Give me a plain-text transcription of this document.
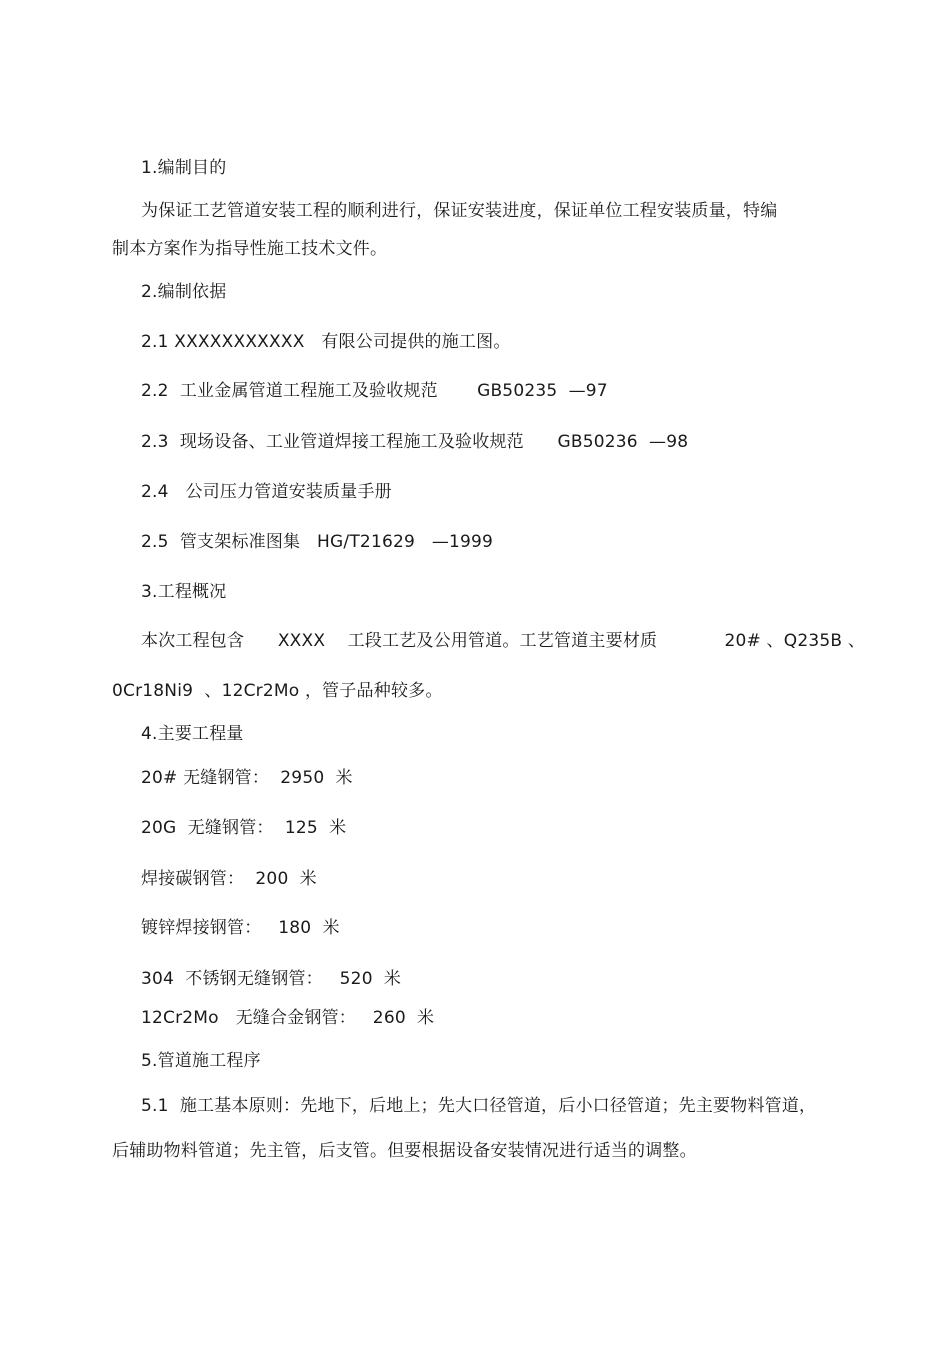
1.编制目的
为保证工艺管道安装工程的顺利进行，保证安装进度，保证单位工程安装质量，特编
制本方案作为指导性施工技术文件。
2.编制依据
2.1 XXXXXXXXXXX   有限公司提供的施工图。
2.2  工业金属管道工程施工及验收规范       GB50235  —97
2.3  现场设备、工业管道焊接工程施工及验收规范      GB50236  —98
2.4   公司压力管道安装质量手册
2.5  管支架标准图集   HG/T21629   —1999
3.工程概况
本次工程包含      XXXX    工段工艺及公用管道。工艺管道主要材质            20# 、Q235B 、
0Cr18Ni9  、12Cr2Mo ，管子品种较多。
4.主要工程量
20# 无缝钢管：  2950  米
20G  无缝钢管：  125  米
焊接碳钢管：  200  米
镀锌焊接钢管：   180  米
304  不锈钢无缝钢管：   520  米
12Cr2Mo   无缝合金钢管：   260  米
5.管道施工程序
5.1  施工基本原则：先地下，后地上；先大口径管道，后小口径管道；先主要物料管道，
后辅助物料管道；先主管，后支管。但要根据设备安装情况进行适当的调整。
